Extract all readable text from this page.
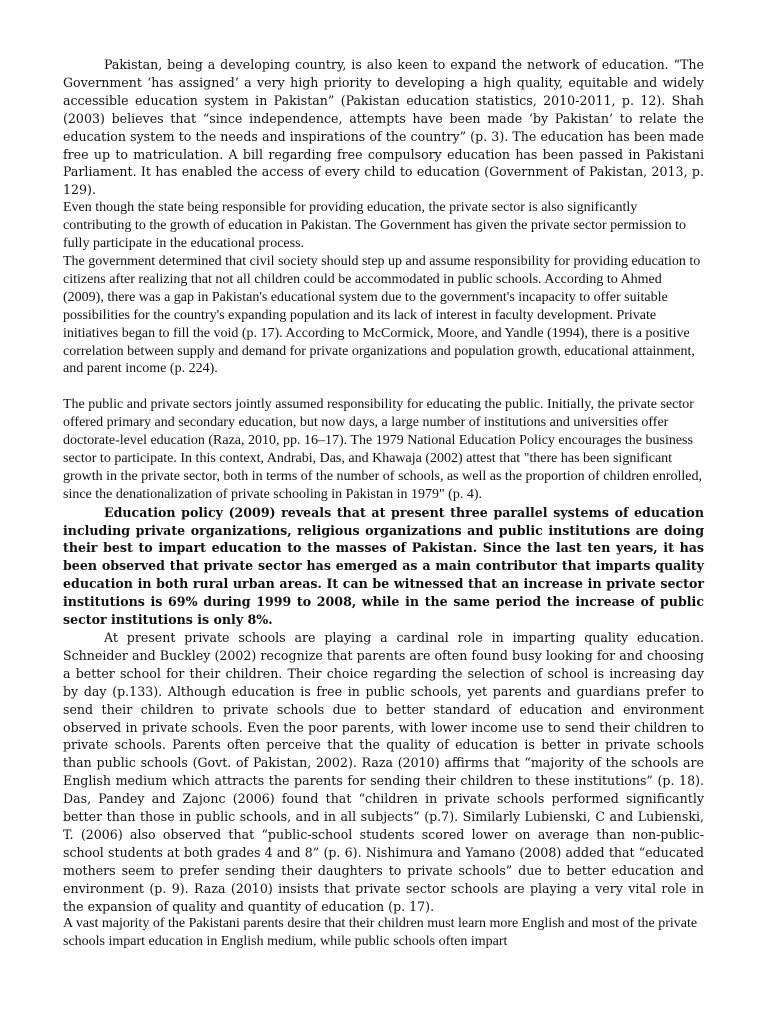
Pakistan, being a developing country, is also keen to expand the network of education. “The Government ‘has assigned’ a very high priority to developing a high quality, equitable and widely accessible education system in Pakistan” (Pakistan education statistics, 2010-2011, p. 12). Shah (2003) believes that “since independence, attempts have been made ‘by Pakistan’ to relate the education system to the needs and inspirations of the country” (p. 3). The education has been made free up to matriculation. A bill regarding free compulsory education has been passed in Pakistani Parliament. It has enabled the access of every child to education (Government of Pakistan, 2013, p. 129).

Even though the state being responsible for providing education, the private sector is also significantly contributing to the growth of education in Pakistan. The Government has given the private sector permission to fully participate in the educational process.

The government determined that civil society should step up and assume responsibility for providing education to citizens after realizing that not all children could be accommodated in public schools. According to Ahmed (2009), there was a gap in Pakistan's educational system due to the government's incapacity to offer suitable possibilities for the country's expanding population and its lack of interest in faculty development. Private initiatives began to fill the void (p. 17). According to McCormick, Moore, and Yandle (1994), there is a positive correlation between supply and demand for private organizations and population growth, educational attainment, and parent income (p. 224).

The public and private sectors jointly assumed responsibility for educating the public. Initially, the private sector offered primary and secondary education, but now days, a large number of institutions and universities offer doctorate-level education (Raza, 2010, pp. 16–17). The 1979 National Education Policy encourages the business sector to participate. In this context, Andrabi, Das, and Khawaja (2002) attest that "there has been significant growth in the private sector, both in terms of the number of schools, as well as the proportion of children enrolled, since the denationalization of private schooling in Pakistan in 1979" (p. 4).

Education policy (2009) reveals that at present three parallel systems of education including private organizations, religious organizations and public institutions are doing their best to impart education to the masses of Pakistan. Since the last ten years, it has been observed that private sector has emerged as a main contributor that imparts quality education in both rural urban areas. It can be witnessed that an increase in private sector institutions is 69% during 1999 to 2008, while in the same period the increase of public sector institutions is only 8%.

At present private schools are playing a cardinal role in imparting quality education. Schneider and Buckley (2002) recognize that parents are often found busy looking for and choosing a better school for their children. Their choice regarding the selection of school is increasing day by day (p.133). Although education is free in public schools, yet parents and guardians prefer to send their children to private schools due to better standard of education and environment observed in private schools. Even the poor parents, with lower income use to send their children to private schools. Parents often perceive that the quality of education is better in private schools than public schools (Govt. of Pakistan, 2002). Raza (2010) affirms that “majority of the schools are English medium which attracts the parents for sending their children to these institutions” (p. 18). Das, Pandey and Zajonc (2006) found that “children in private schools performed significantly better than those in public schools, and in all subjects” (p.7). Similarly Lubienski, C and Lubienski, T. (2006) also observed that “public-school students scored lower on average than non-public-school students at both grades 4 and 8” (p. 6). Nishimura and Yamano (2008) added that “educated mothers seem to prefer sending their daughters to private schools” due to better education and environment (p. 9). Raza (2010) insists that private sector schools are playing a very vital role in the expansion of quality and quantity of education (p. 17).

A vast majority of the Pakistani parents desire that their children must learn more English and most of the private schools impart education in English medium, while public schools often impart
